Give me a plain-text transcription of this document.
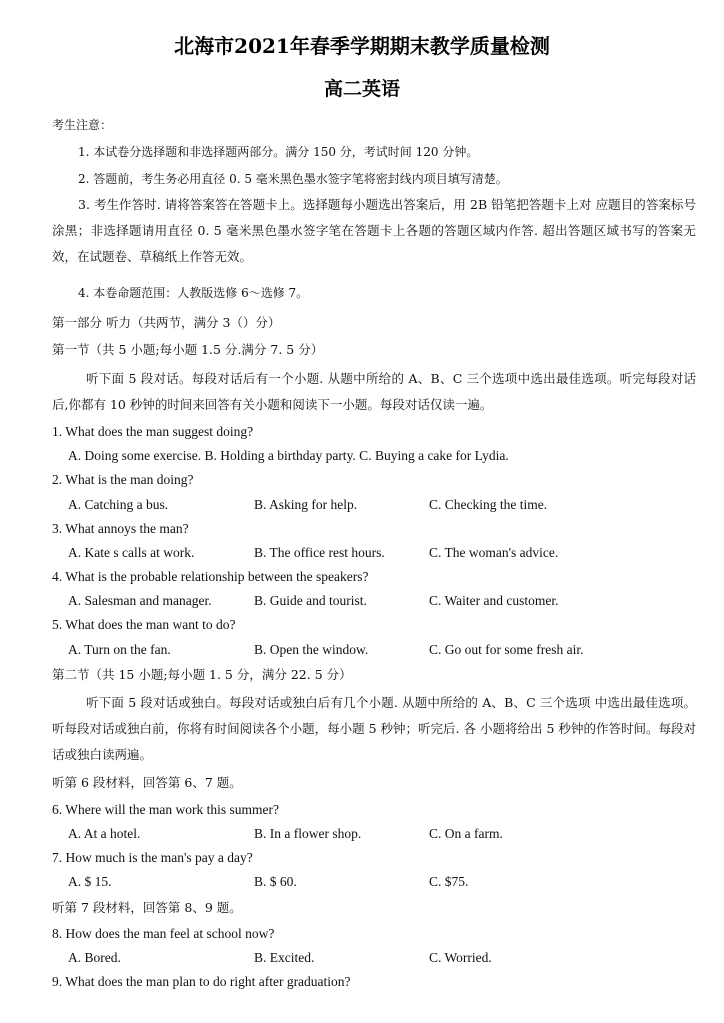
北海市2021年春季学期期末教学质量检测
高二英语
考生注意：
1. 本试卷分选择题和非选择题两部分。满分 150 分，考试时间 120 分钟。
2. 答题前，考生务必用直径 0. 5 毫米黑色墨水签字笔将密封线内项目填写清楚。
3. 考生作答时. 请将答案答在答题卡上。选择题每小题选出答案后，用 2B 铅笔把答题卡上对 应题目的答案标号涂黑；非选择题请用直径 0. 5 毫米黑色墨水签字笔在答题卡上各题的答题区域内作答. 超出答题区域书写的答案无效，在试题卷、草稿纸上作答无效。
4. 本卷命题范围：人教版选修 6〜选修 7。
第一部分 听力（共两节，满分 3（）分）
第一节（共 5 小题;每小题 1.5 分.满分 7. 5 分）
听下面 5 段对话。每段对话后有一个小题. 从题中所给的 A、B、C 三个选项中选出最佳选项。听完每段对话后,你都有 10 秒钟的时间来回答有关小题和阅读下一小题。每段对话仅读一遍。
1. What does the man suggest doing?
A. Doing some exercise. B. Holding a birthday party. C. Buying a cake for Lydia.
2. What is the man doing?
A. Catching a bus.	B. Asking for help.	C. Checking the time.
3. What annoys the man?
A. Kate s calls at work.	B. The office rest hours.	C. The woman's advice.
4. What is the probable relationship between the speakers?
A. Salesman and manager.	B. Guide and tourist.	C. Waiter and customer.
5. What does the man want to do?
A. Turn on the fan.	B. Open the window.	C. Go out for some fresh air.
第二节（共 15 小题;每小题 1. 5 分，满分 22. 5 分）
听下面 5 段对话或独白。每段对话或独白后有几个小题. 从题中所给的 A、B、C 三个选项 中选出最佳选项。听每段对话或独白前，你将有时间阅读各个小题，每小题 5 秒钟；听完后. 各 小题将给出 5 秒钟的作答时间。每段对话或独白读两遍。
听第 6 段材料，回答第 6、7 题。
6. Where will the man work this summer?
A. At a hotel.	B. In a flower shop.	C. On a farm.
7. How much is the man's pay a day?
A. $ 15.	B. $ 60.	C. $75.
听第 7 段材料，回答第 8、9 题。
8. How does the man feel at school now?
A. Bored.	B. Excited.	C. Worried.
9. What does the man plan to do right after graduation?
